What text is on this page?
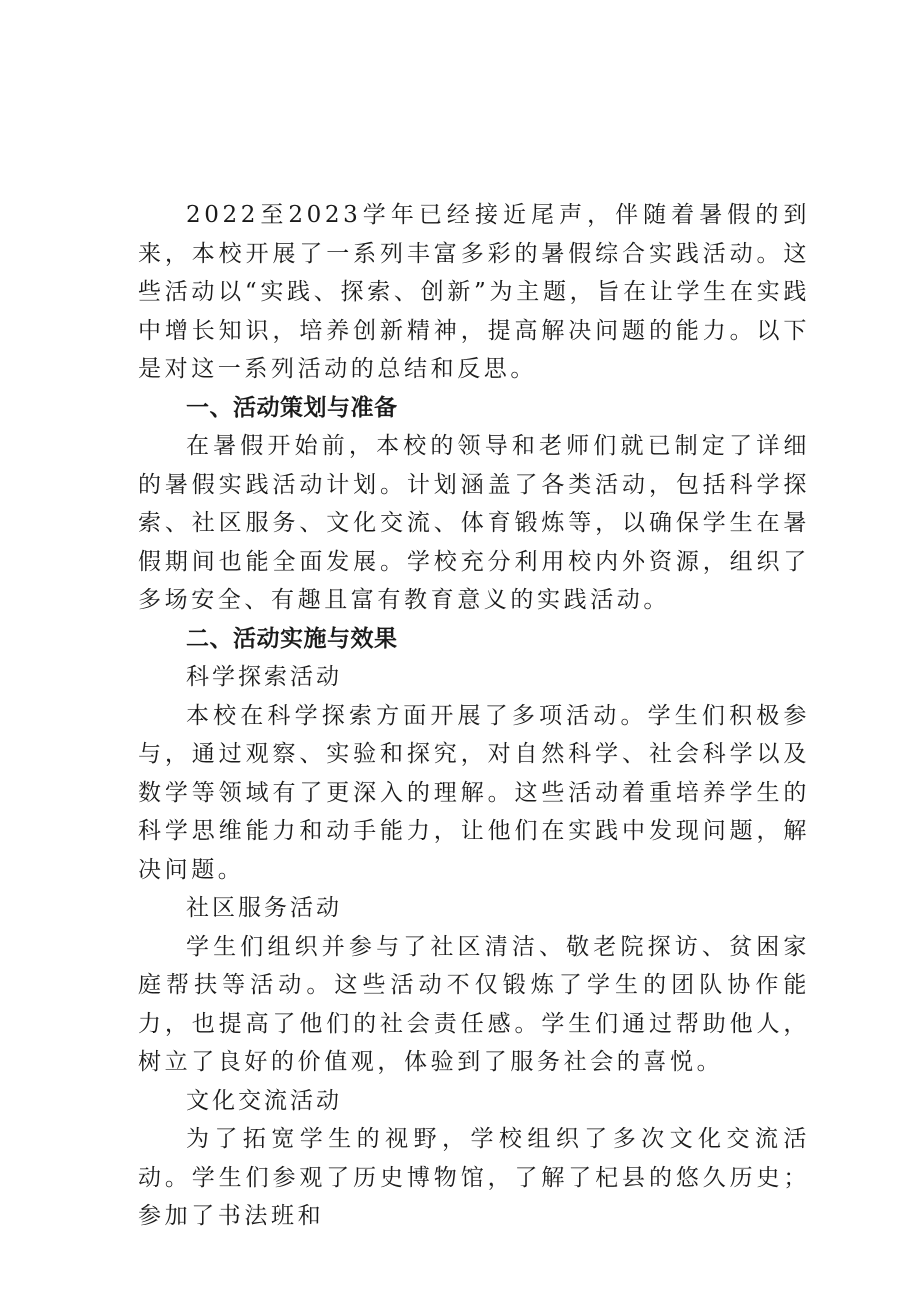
2022至2023学年已经接近尾声，伴随着暑假的到来，本校开展了一系列丰富多彩的暑假综合实践活动。这些活动以“实践、探索、创新”为主题，旨在让学生在实践中增长知识，培养创新精神，提高解决问题的能力。以下是对这一系列活动的总结和反思。

一、活动策划与准备

在暑假开始前，本校的领导和老师们就已制定了详细的暑假实践活动计划。计划涵盖了各类活动，包括科学探索、社区服务、文化交流、体育锻炼等，以确保学生在暑假期间也能全面发展。学校充分利用校内外资源，组织了多场安全、有趣且富有教育意义的实践活动。

二、活动实施与效果

科学探索活动

本校在科学探索方面开展了多项活动。学生们积极参与，通过观察、实验和探究，对自然科学、社会科学以及数学等领域有了更深入的理解。这些活动着重培养学生的科学思维能力和动手能力，让他们在实践中发现问题，解决问题。

社区服务活动

学生们组织并参与了社区清洁、敬老院探访、贫困家庭帮扶等活动。这些活动不仅锻炼了学生的团队协作能力，也提高了他们的社会责任感。学生们通过帮助他人，树立了良好的价值观，体验到了服务社会的喜悦。

文化交流活动

为了拓宽学生的视野，学校组织了多次文化交流活动。学生们参观了历史博物馆，了解了杞县的悠久历史；参加了书法班和
